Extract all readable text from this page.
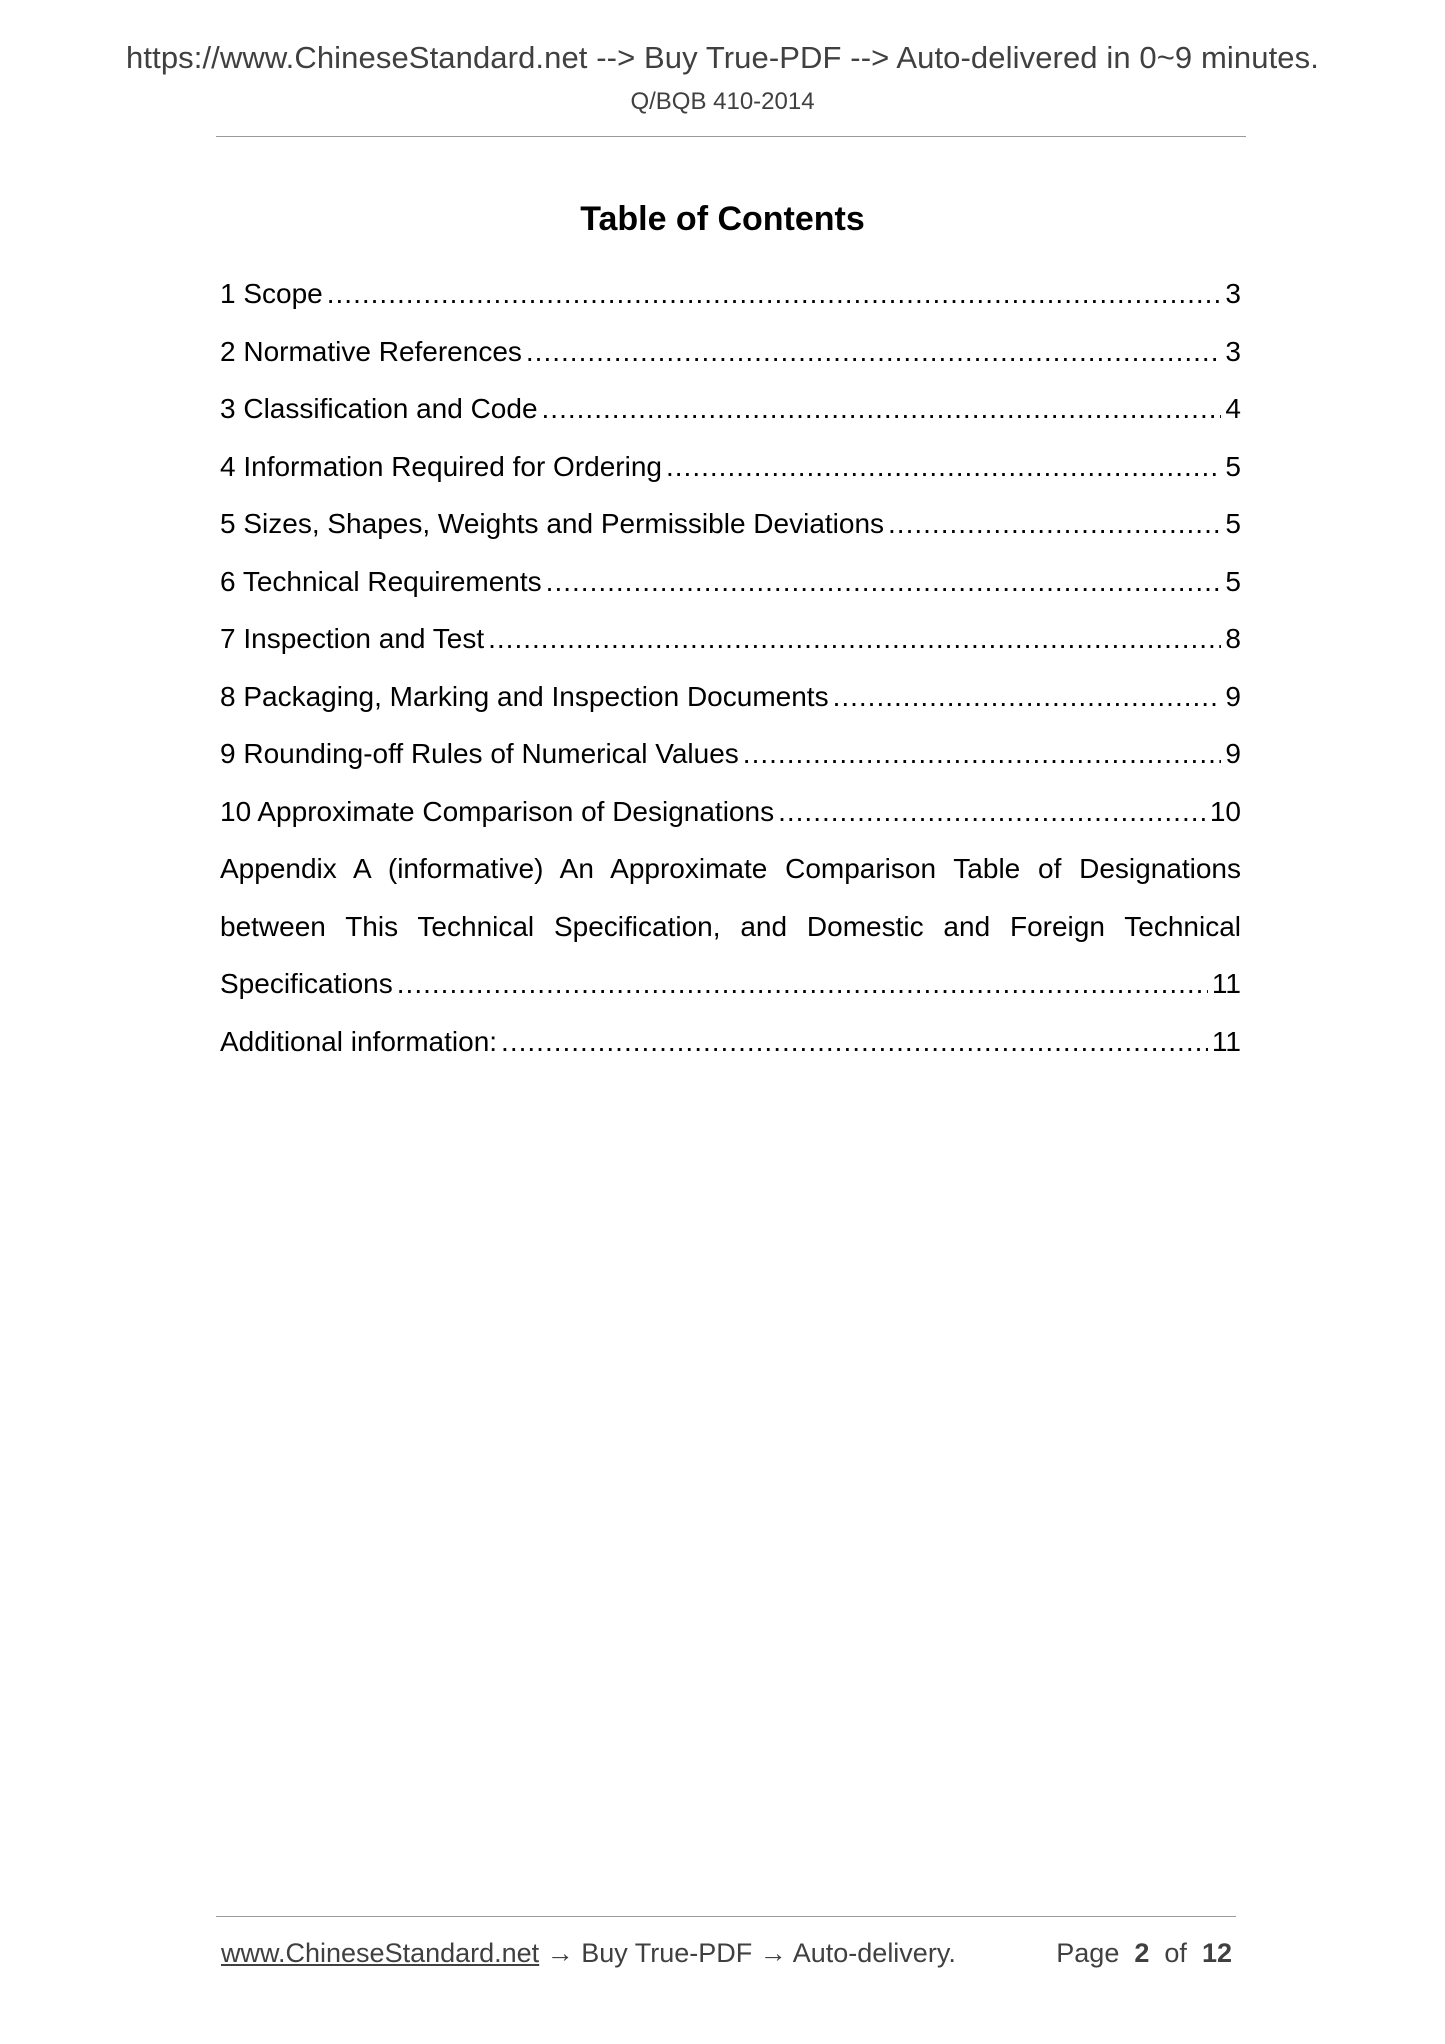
https://www.ChineseStandard.net --> Buy True-PDF --> Auto-delivered in 0~9 minutes.
Q/BQB 410-2014
Table of Contents
1 Scope .....	3
2 Normative References .....	3
3 Classification and Code .....	4
4 Information Required for Ordering .....	5
5 Sizes, Shapes, Weights and Permissible Deviations .....	5
6 Technical Requirements .....	5
7 Inspection and Test .....	8
8 Packaging, Marking and Inspection Documents .....	9
9 Rounding-off Rules of Numerical Values .....	9
10 Approximate Comparison of Designations .....	10
Appendix A (informative) An Approximate Comparison Table of Designations
between This Technical Specification, and Domestic and Foreign Technical
Specifications .....	11
Additional information: .....	11
www.ChineseStandard.net → Buy True-PDF → Auto-delivery.	Page 2 of 12
